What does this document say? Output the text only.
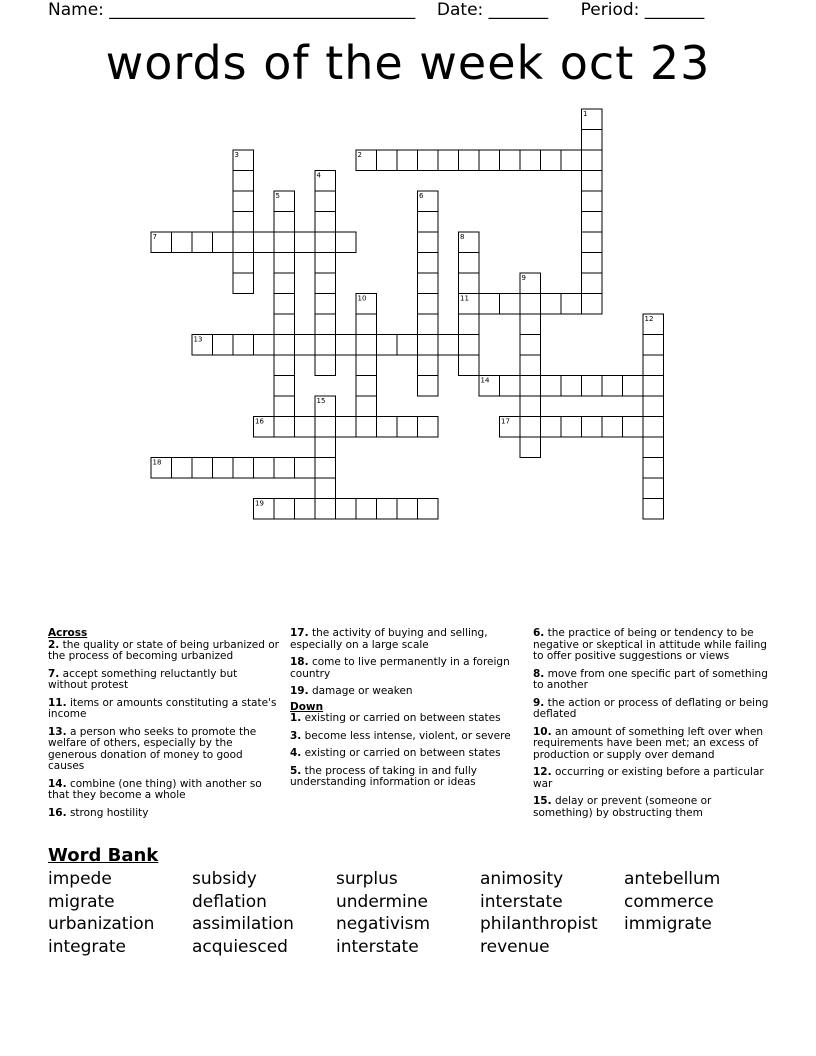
Name: ____________________________________ Date: _______ Period: _______
words of the week oct 23
1
2
3
4
5	6
7	8
9
10	11
12
13
14
15
16	17
18
19
Across
2. the quality or state of being urbanized or the process of becoming urbanized
7. accept something reluctantly but without protest
11. items or amounts constituting a state's income
13. a person who seeks to promote the welfare of others, especially by the generous donation of money to good causes
14. combine (one thing) with another so that they become a whole
16. strong hostility
17. the activity of buying and selling, especially on a large scale
18. come to live permanently in a foreign country
19. damage or weaken
Down
1. existing or carried on between states
3. become less intense, violent, or severe
4. existing or carried on between states
5. the process of taking in and fully understanding information or ideas
6. the practice of being or tendency to be negative or skeptical in attitude while failing to offer positive suggestions or views
8. move from one specific part of something to another
9. the action or process of deflating or being deflated
10. an amount of something left over when requirements have been met; an excess of production or supply over demand
12. occurring or existing before a particular war
15. delay or prevent (someone or something) by obstructing them
Word Bank
impede	subsidy	surplus	animosity	antebellum
migrate	deflation	undermine	interstate	commerce
urbanization	assimilation	negativism	philanthropist	immigrate
integrate	acquiesced	interstate	revenue
